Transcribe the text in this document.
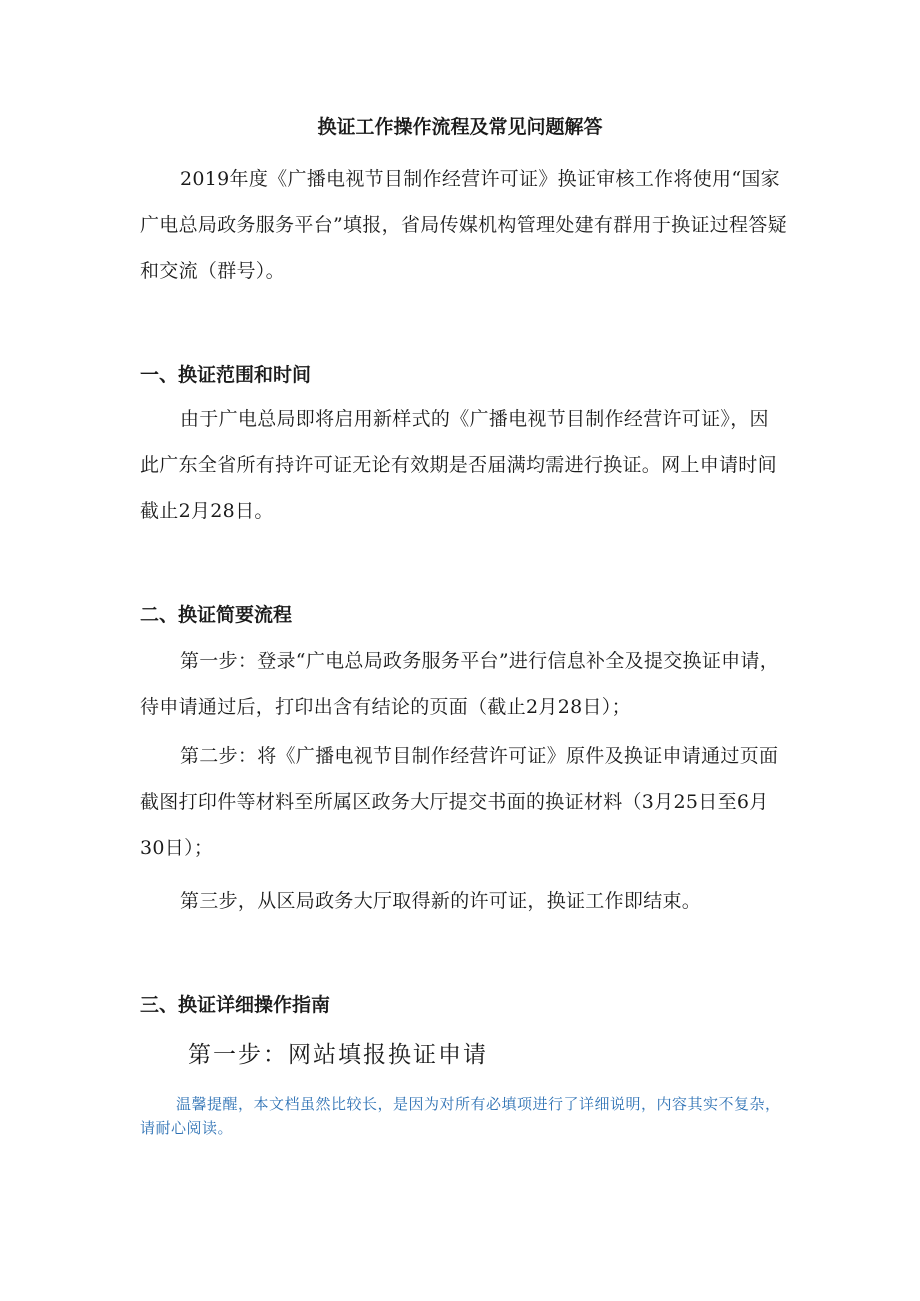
换证工作操作流程及常见问题解答
2019年度《广播电视节目制作经营许可证》换证审核工作将使用“国家广电总局政务服务平台”填报，省局传媒机构管理处建有群用于换证过程答疑和交流（群号）。
一、换证范围和时间
由于广电总局即将启用新样式的《广播电视节目制作经营许可证》，因此广东全省所有持许可证无论有效期是否届满均需进行换证。网上申请时间截止2月28日。
二、换证简要流程
第一步：登录“广电总局政务服务平台”进行信息补全及提交换证申请，待申请通过后，打印出含有结论的页面（截止2月28日）；
第二步：将《广播电视节目制作经营许可证》原件及换证申请通过页面截图打印件等材料至所属区政务大厅提交书面的换证材料（3月25日至6月30日）；
第三步，从区局政务大厅取得新的许可证，换证工作即结束。
三、换证详细操作指南
第一步：网站填报换证申请
温馨提醒，本文档虽然比较长，是因为对所有必填项进行了详细说明，内容其实不复杂，请耐心阅读。
